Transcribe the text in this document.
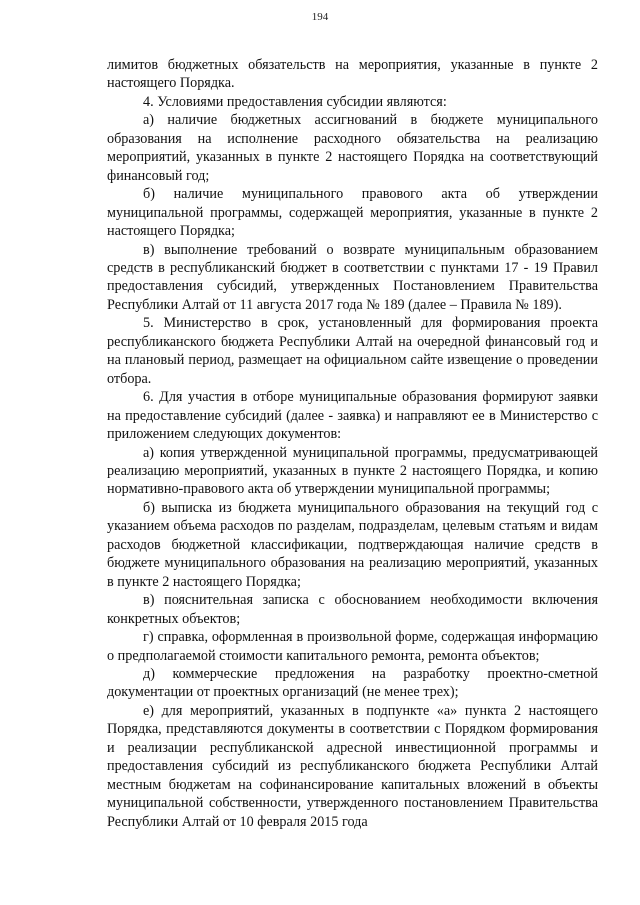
194

лимитов бюджетных обязательств на мероприятия, указанные в пункте 2 настоящего Порядка.

4. Условиями предоставления субсидии являются:

а) наличие бюджетных ассигнований в бюджете муниципального образования на исполнение расходного обязательства на реализацию мероприятий, указанных в пункте 2 настоящего Порядка на соответствующий финансовый год;

б) наличие муниципального правового акта об утверждении муниципальной программы, содержащей мероприятия, указанные в пункте 2 настоящего Порядка;

в) выполнение требований о возврате муниципальным образованием средств в республиканский бюджет в соответствии с пунктами 17 - 19 Правил предоставления субсидий, утвержденных Постановлением Правительства Республики Алтай от 11 августа 2017 года № 189 (далее – Правила № 189).

5. Министерство в срок, установленный для формирования проекта республиканского бюджета Республики Алтай на очередной финансовый год и на плановый период, размещает на официальном сайте извещение о проведении отбора.

6. Для участия в отборе муниципальные образования формируют заявки на предоставление субсидий (далее - заявка) и направляют ее в Министерство с приложением следующих документов:

а) копия утвержденной муниципальной программы, предусматривающей реализацию мероприятий, указанных в пункте 2 настоящего Порядка, и копию нормативно-правового акта об утверждении муниципальной программы;

б) выписка из бюджета муниципального образования на текущий год с указанием объема расходов по разделам, подразделам, целевым статьям и видам расходов бюджетной классификации, подтверждающая наличие средств в бюджете муниципального образования на реализацию мероприятий, указанных в пункте 2 настоящего Порядка;

в) пояснительная записка с обоснованием необходимости включения конкретных объектов;

г) справка, оформленная в произвольной форме, содержащая информацию о предполагаемой стоимости капитального ремонта, ремонта объектов;

д) коммерческие предложения на разработку проектно-сметной документации от проектных организаций (не менее трех);

е) для мероприятий, указанных в подпункте «а» пункта 2 настоящего Порядка, представляются документы в соответствии с Порядком формирования и реализации республиканской адресной инвестиционной программы и предоставления субсидий из республиканского бюджета Республики Алтай местным бюджетам на софинансирование капитальных вложений в объекты муниципальной собственности, утвержденного постановлением Правительства Республики Алтай от 10 февраля 2015 года
